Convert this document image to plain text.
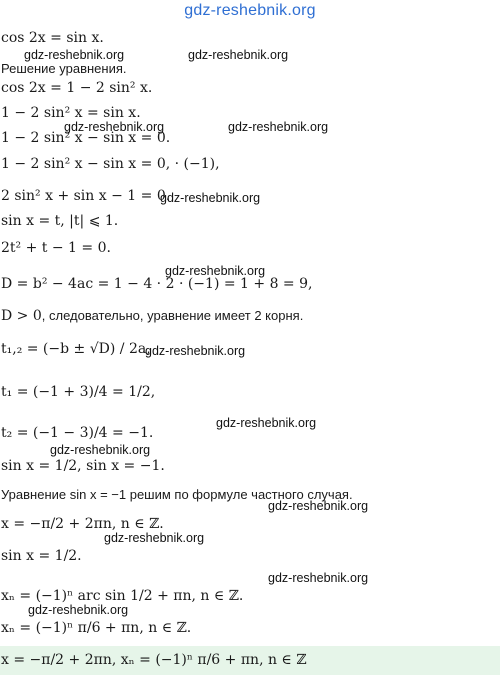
gdz-reshebnik.org
gdz-reshebnik.org	gdz-reshebnik.org
gdz-reshebnik.org	gdz-reshebnik.org
gdz-reshebnik.org
gdz-reshebnik.org
gdz-reshebnik.org
gdz-reshebnik.org
gdz-reshebnik.org
gdz-reshebnik.org
gdz-reshebnik.org
gdz-reshebnik.org
gdz-reshebnik.org
cos 2x = sin x.
Решение уравнения.
cos 2x = 1 − 2 sin² x.
1 − 2 sin² x = sin x.
1 − 2 sin² x − sin x = 0.
1 − 2 sin² x − sin x = 0, · (−1),
2 sin² x + sin x − 1 = 0.
sin x = t, |t| ⩽ 1.
2t² + t − 1 = 0.
D = b² − 4ac = 1 − 4 · 2 · (−1) = 1 + 8 = 9,
D > 0, следовательно, уравнение имеет 2 корня.
t₁,₂ = (−b ± √D) / 2a,
t₁ = (−1 + 3)/4 = 1/2,
t₂ = (−1 − 3)/4 = −1.
sin x = 1/2, sin x = −1.
Уравнение sin x = −1 решим по формуле частного случая.
x = −π/2 + 2πn, n ∈ ℤ.
sin x = 1/2.
xₙ = (−1)ⁿ arc sin 1/2 + πn, n ∈ ℤ.
xₙ = (−1)ⁿ π/6 + πn, n ∈ ℤ.
x = −π/2 + 2πn, xₙ = (−1)ⁿ π/6 + πn, n ∈ ℤ
